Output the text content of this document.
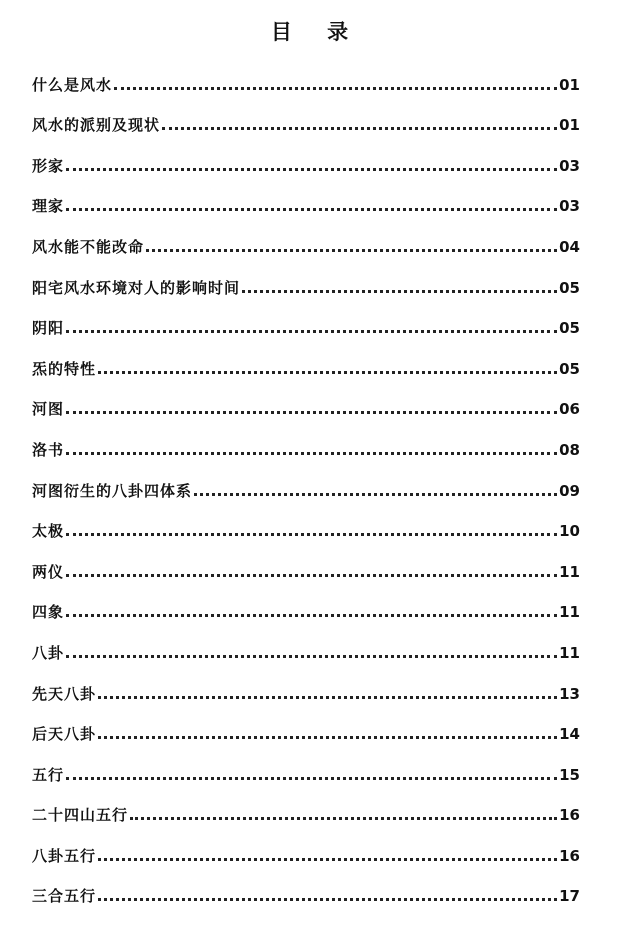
目 录
什么是风水	01
风水的派别及现状	01
形家	03
理家	03
风水能不能改命	04
阳宅风水环境对人的影响时间	05
阴阳	05
炁的特性	05
河图	06
洛书	08
河图衍生的八卦四体系	09
太极	10
两仪	11
四象	11
八卦	11
先天八卦	13
后天八卦	14
五行	15
二十四山五行	16
八卦五行	16
三合五行	17
